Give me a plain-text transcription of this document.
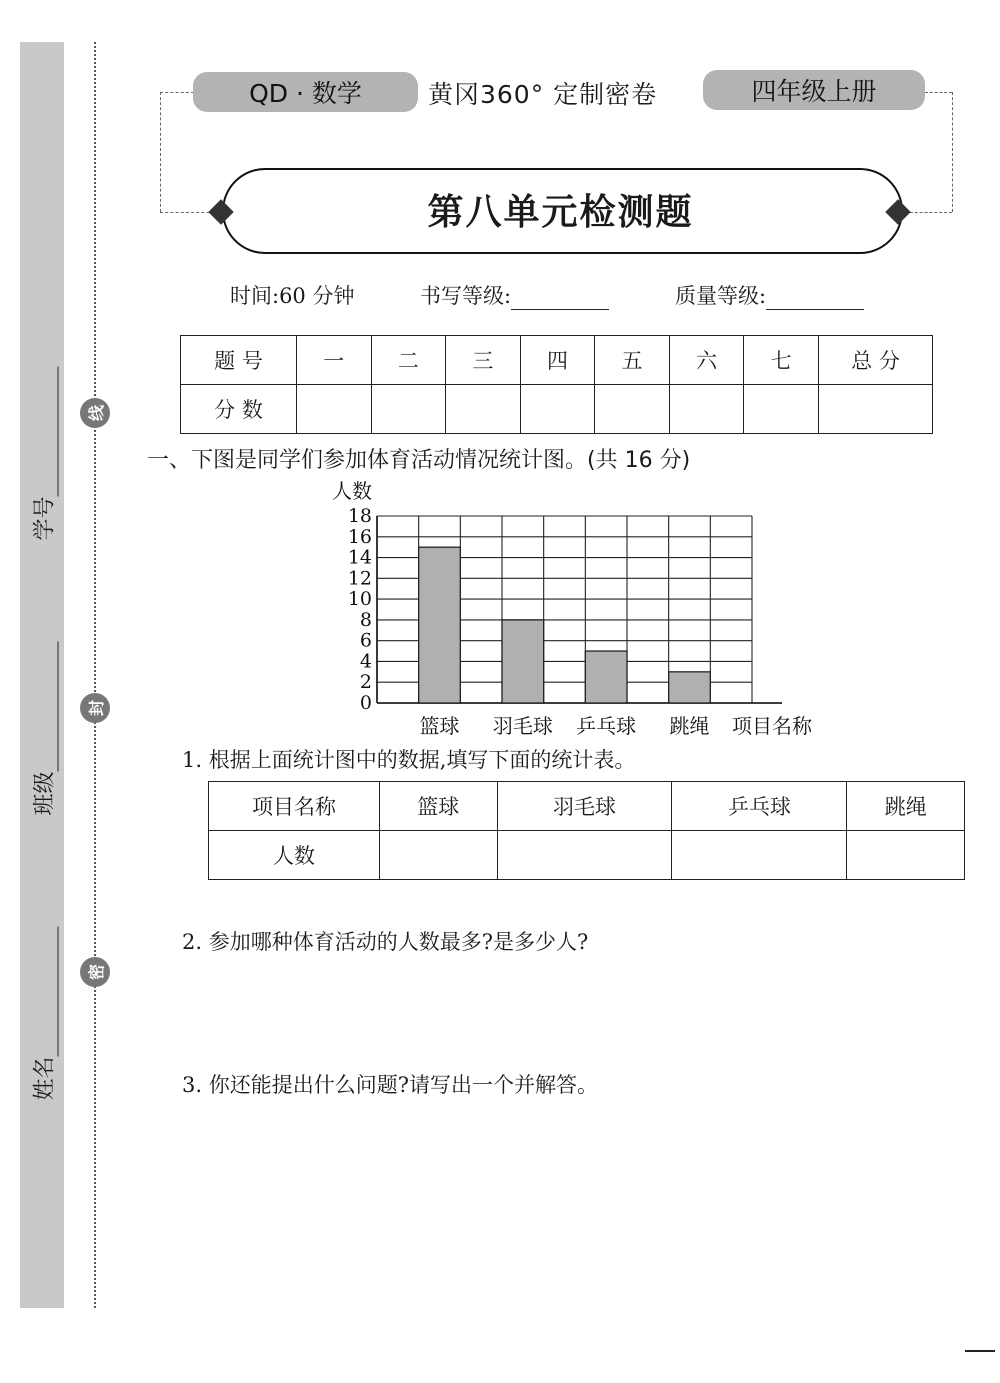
学号
班级
姓名
线
封
密
QD · 数学	黄冈360° 定制密卷	四年级上册
第八单元检测题
时间:60 分钟	书写等级:	质量等级:
题 号	一	二	三	四	五	六	七	总 分
分 数								
一、下图是同学们参加体育活动情况统计图。(共 16 分)
篮球 羽毛球 乒乓球 跳绳
0
2
4
6
8
10
12
14
16
18
人数
项目名称
1. 根据上面统计图中的数据,填写下面的统计表。
项目名称	篮球	羽毛球	乒乓球	跳绳
人数				
2. 参加哪种体育活动的人数最多?是多少人?
3. 你还能提出什么问题?请写出一个并解答。
